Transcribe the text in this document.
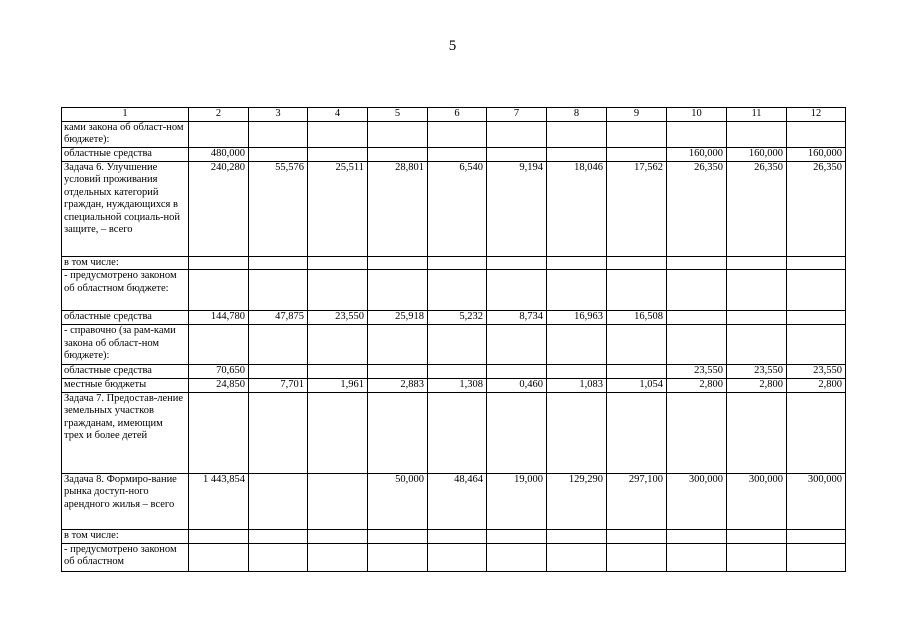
5
1	2	3	4	5	6	7	8	9	10	11	12
ками закона об област-ном бюджете):											
областные средства	480,000								160,000	160,000	160,000
Задача 6. Улучшение условий проживания отдельных категорий граждан, нуждающихся в специальной социаль-ной защите, – всего	240,280	55,576	25,511	28,801	6,540	9,194	18,046	17,562	26,350	26,350	26,350
в том числе:											
- предусмотрено законом об областном бюджете:											
областные средства	144,780	47,875	23,550	25,918	5,232	8,734	16,963	16,508			
- справочно (за рам-ками закона об област-ном бюджете):											
областные средства	70,650								23,550	23,550	23,550
местные бюджеты	24,850	7,701	1,961	2,883	1,308	0,460	1,083	1,054	2,800	2,800	2,800
Задача 7. Предостав-ление земельных участков гражданам, имеющим трех и более детей											
Задача 8. Формиро-вание рынка доступ-ного арендного жилья – всего	1 443,854			50,000	48,464	19,000	129,290	297,100	300,000	300,000	300,000
в том числе:											
- предусмотрено законом об областном											
